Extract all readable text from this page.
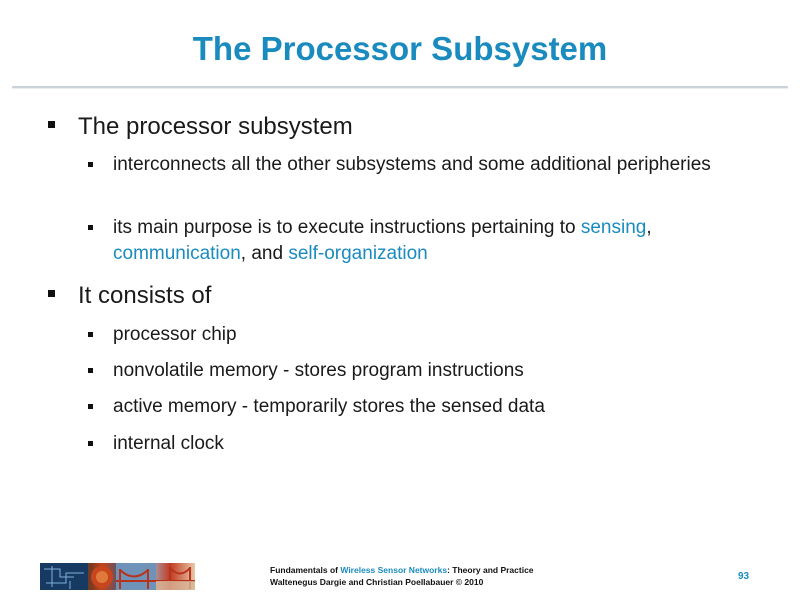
The Processor Subsystem
The processor subsystem
interconnects all the other subsystems and some additional peripheries
its main purpose is to execute instructions pertaining to sensing, communication, and self-organization
It consists of
processor chip
nonvolatile memory - stores program instructions
active memory - temporarily stores the sensed data
internal clock
Fundamentals of Wireless Sensor Networks: Theory and Practice
Waltenegus Dargie and Christian Poellabauer © 2010	93
